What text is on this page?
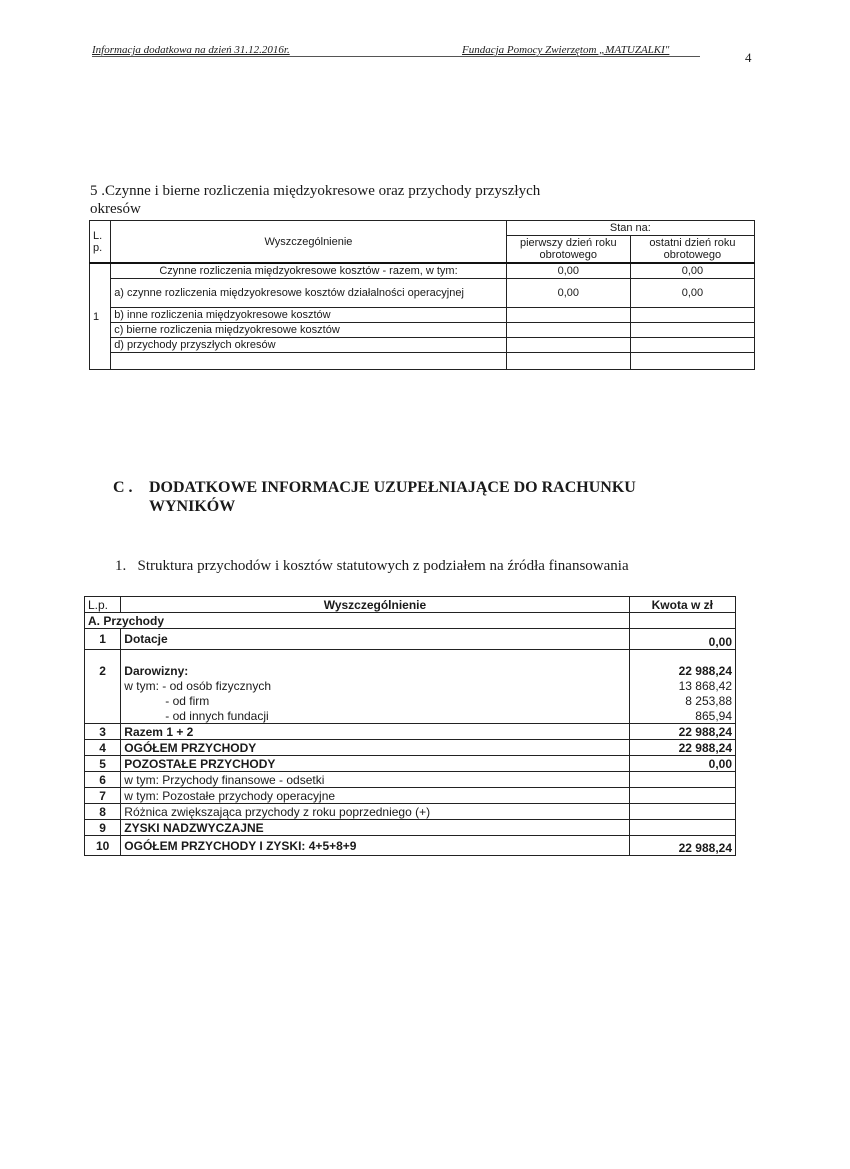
Informacja dodatkowa na dzień 31.12.2016r.	Fundacja Pomocy Zwierzętom „MATUZALKI"	4
5 .Czynne i bierne rozliczenia międzyokresowe oraz przychody przyszłych
okresów
L. p.	Wyszczególnienie	Stan na:	
		pierwszy dzień roku obrotowego	ostatni dzień roku obrotowego
1	Czynne rozliczenia międzyokresowe kosztów - razem, w tym:	0,00	0,00
	a) czynne rozliczenia międzyokresowe kosztów działalności operacyjnej	0,00	0,00
	b) inne rozliczenia międzyokresowe kosztów		
	c) bierne rozliczenia międzyokresowe kosztów		
	d) przychody przyszłych okresów		

C . DODATKOWE INFORMACJE UZUPEŁNIAJĄCE DO RACHUNKU
WYNIKÓW
1.   Struktura przychodów i kosztów statutowych z podziałem na źródła finansowania
L.p.	Wyszczególnienie	Kwota w zł
A. Przychody		
1	Dotacje	0,00
2	Darowizny:	22 988,24
	w tym: - od osób fizycznych	13 868,42
	- od firm	8 253,88
	- od innych fundacji	865,94
3	Razem 1 + 2	22 988,24
4	OGÓŁEM PRZYCHODY	22 988,24
5	POZOSTAŁE PRZYCHODY	0,00
6	w tym: Przychody finansowe - odsetki	
7	w tym: Pozostałe przychody operacyjne	
8	Różnica zwiększająca przychody z roku poprzedniego (+)	
9	ZYSKI NADZWYCZAJNE	
10	OGÓŁEM PRZYCHODY I ZYSKI: 4+5+8+9	22 988,24
